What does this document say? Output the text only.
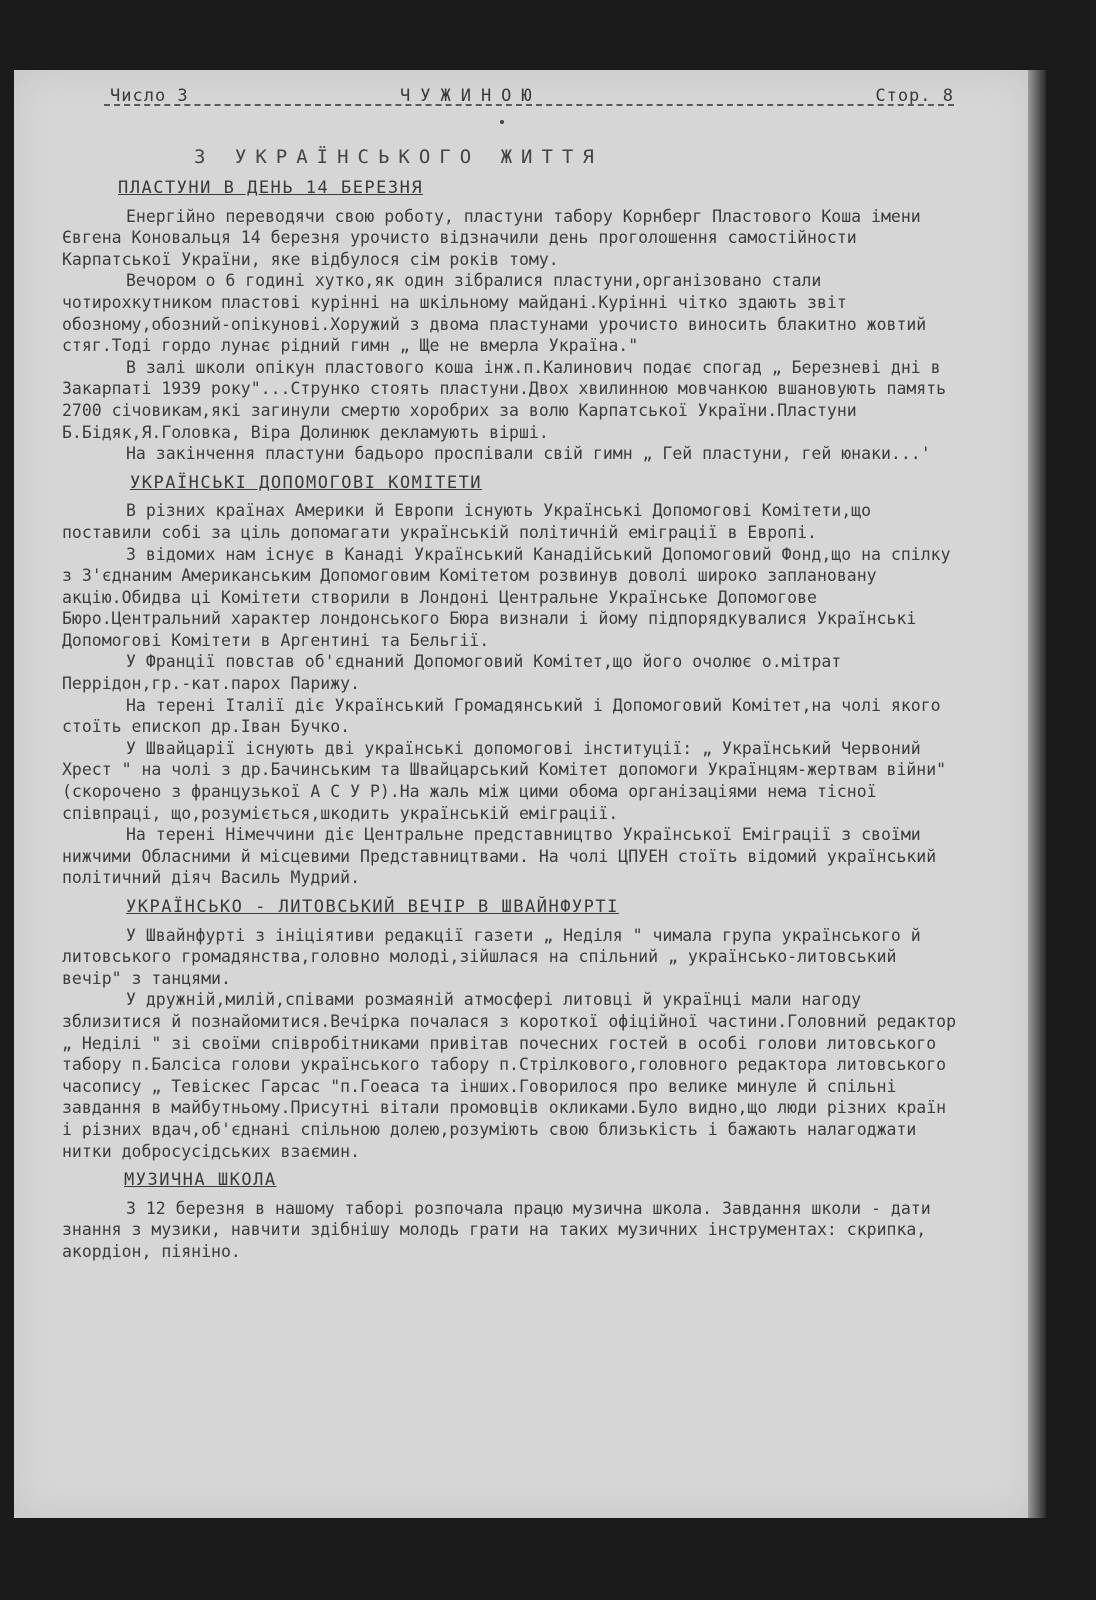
Число 3	ЧУЖИНОЮ	Стор. 8
З УКРАЇНСЬКОГО ЖИТТЯ
ПЛАСТУНИ В ДЕНЬ 14 БЕРЕЗНЯ

Енергійно переводячи свою роботу, пластуни табору Корнберг Пластового Коша імени Євгена Коновальця 14 березня урочисто відзначили день проголошення самостійности Карпатської України, яке відбулося сім років тому.

Вечором о 6 годині хутко,як один зібралися пластуни,організовано стали чотирохкутником пластові курінні на шкільному майдані.Курінні чітко здають звіт обозному,обозний-опікунові.Хоружий з двома пластунами урочисто виносить блакитно жовтий стяг.Тоді гордо лунає рідний гимн „ Ще не вмерла Україна."

В залі школи опікун пластового коша інж.п.Калинович подає спогад „ Березневі дні в Закарпаті 1939 року"...Струнко стоять пластуни.Двох хвилинною мовчанкою вшановують память 2700 січовикам,які загинули смертю хоробрих за волю Карпатської України.Пластуни Б.Бідяк,Я.Головка, Віра Долинюк декламують вірші.

На закінчення пластуни бадьоро проспівали свій гимн „ Гей пластуни, гей юнаки...'

УКРАЇНСЬКІ ДОПОМОГОВІ КОМІТЕТИ

В різних країнах Америки й Европи існують Українські Допомогові Комітети,що поставили собі за ціль допомагати українській політичній еміграції в Европі.

З відомих нам існує в Канаді Український Канадійський Допомоговий Фонд,що на спілку з З'єднаним Американським Допомоговим Комітетом розвинув доволі широко заплановану акцію.Обидва ці Комітети створили в Лондоні Центральне Українське Допомогове Бюро.Центральний характер лондонського Бюра визнали і йому підпорядкувалися Українські Допомогові Комітети в Аргентині та Бельгії.

У Франції повстав об'єднаний Допомоговий Комітет,що його очолює о.мітрат Перрідон,гр.-кат.парох Парижу.

На терені Італії діє Український Громадянський і Допомоговий Комітет,на чолі якого стоїть епископ др.Іван Бучко.

У Швайцарії існують дві українські допомогові інституції: „ Український Червоний Хрест " на чолі з др.Бачинським та Швайцарський Комітет допомоги Українцям-жертвам війни" (скорочено з французької А С У Р).На жаль між цими обома організаціями нема тісної співпраці, що,розуміється,шкодить українській еміграції.

На терені Німеччини діє Центральне представництво Української Еміграції з своїми нижчими Обласними й місцевими Представництвами. На чолі ЦПУЕН стоїть відомий український політичний діяч Василь Мудрий.

УКРАЇНСЬКО - ЛИТОВСЬКИЙ ВЕЧІР В ШВАЙНФУРТІ

У Швайнфурті з ініціятиви редакції газети „ Неділя " чимала група українського й литовського громадянства,головно молоді,зійшлася на спільний „ українсько-литовський вечір" з танцями.

У дружній,милій,співами розмаяній атмосфері литовці й українці мали нагоду зблизитися й познайомитися.Вечірка почалася з короткої офіційної частини.Головний редактор „ Неділі " зі своїми співробітниками привітав почесних гостей в особі голови литовського табору п.Балсіса голови українського табору п.Стрілкового,головного редактора литовського часопису „ Тевіскес Гарсас "п.Гоеаса та інших.Говорилося про велике минуле й спільні завдання в майбутньому.Присутні вітали промовців окликами.Було видно,що люди різних країн і різних вдач,об'єднані спільною долею,розуміють свою близькість і бажають налагоджати нитки добросусідських взаємин.

МУЗИЧНА ШКОЛА

З 12 березня в нашому таборі розпочала працю музична школа. Завдання школи - дати знання з музики, навчити здібнішу молодь грати на таких музичних інструментах: скрипка, акордіон, піяніно.
